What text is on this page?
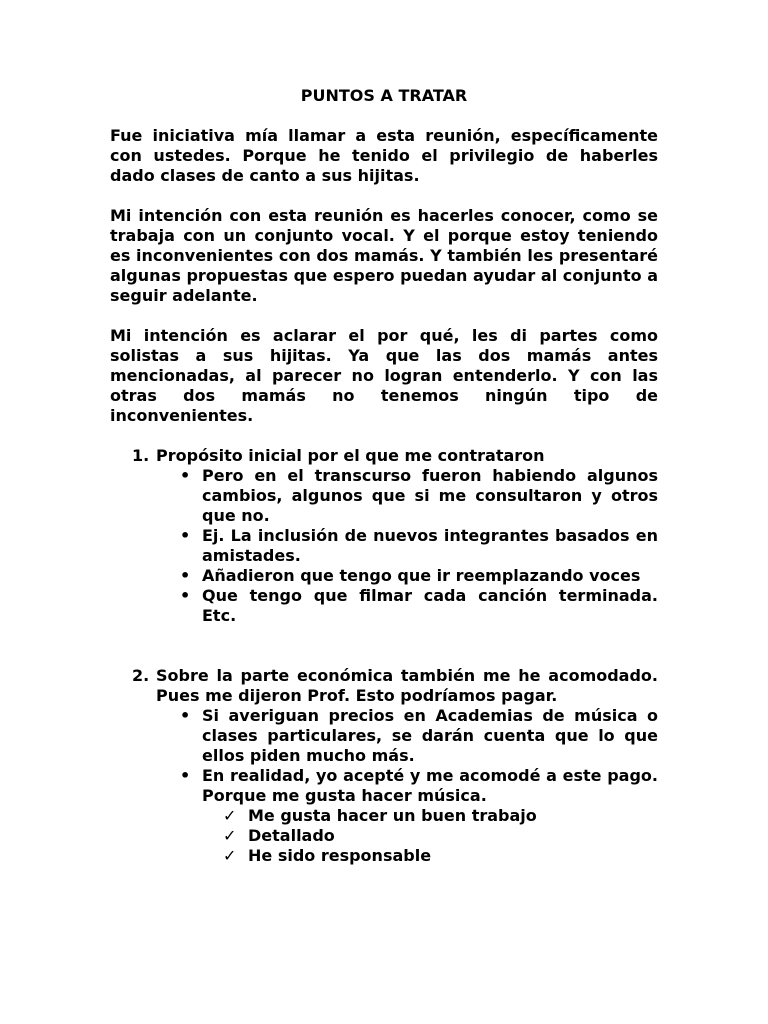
PUNTOS A TRATAR

Fue iniciativa mía llamar a esta reunión, específicamente con ustedes. Porque he tenido el privilegio de haberles dado clases de canto a sus hijitas.

Mi intención con esta reunión es hacerles conocer, como se trabaja con un conjunto vocal. Y el porque estoy teniendo es inconvenientes con dos mamás. Y también les presentaré algunas propuestas que espero puedan ayudar al conjunto a seguir adelante.

Mi intención es aclarar el por qué, les di partes como solistas a sus hijitas. Ya que las dos mamás antes mencionadas, al parecer no logran entenderlo. Y con las otras dos mamás no tenemos ningún tipo de inconvenientes.

1. Propósito inicial por el que me contrataron
• Pero en el transcurso fueron habiendo algunos cambios, algunos que si me consultaron y otros que no.
• Ej. La inclusión de nuevos integrantes basados en amistades.
• Añadieron que tengo que ir reemplazando voces
• Que tengo que filmar cada canción terminada. Etc.
2. Sobre la parte económica también me he acomodado. Pues me dijeron Prof. Esto podríamos pagar.
• Si averiguan precios en Academias de música o clases particulares, se darán cuenta que lo que ellos piden mucho más.
• En realidad, yo acepté y me acomodé a este pago. Porque me gusta hacer música.
✓ Me gusta hacer un buen trabajo
✓ Detallado
✓ He sido responsable
